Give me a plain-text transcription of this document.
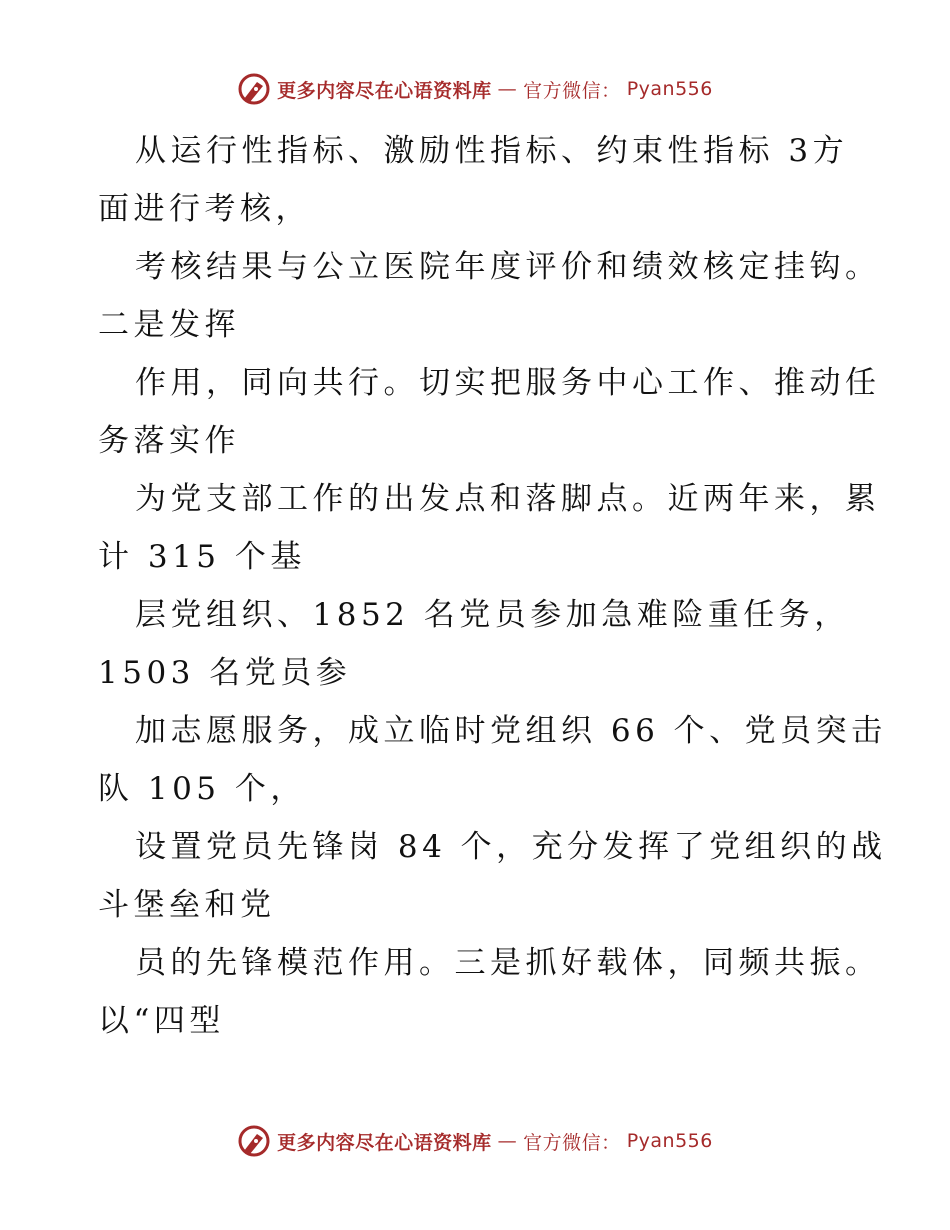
更多内容尽在心语资料库 — 官方微信： Pyan556
从运行性指标、激励性指标、约束性指标 3方
面进行考核，
考核结果与公立医院年度评价和绩效核定挂钩。
二是发挥
作用，同向共行。切实把服务中心工作、推动任
务落实作
为党支部工作的出发点和落脚点。近两年来，累
计 315 个基
层党组织、1852 名党员参加急难险重任务，
1503 名党员参
加志愿服务，成立临时党组织 66 个、党员突击
队 105 个，
设置党员先锋岗 84 个，充分发挥了党组织的战
斗堡垒和党
员的先锋模范作用。三是抓好载体，同频共振。
以“四型
更多内容尽在心语资料库 — 官方微信： Pyan556
